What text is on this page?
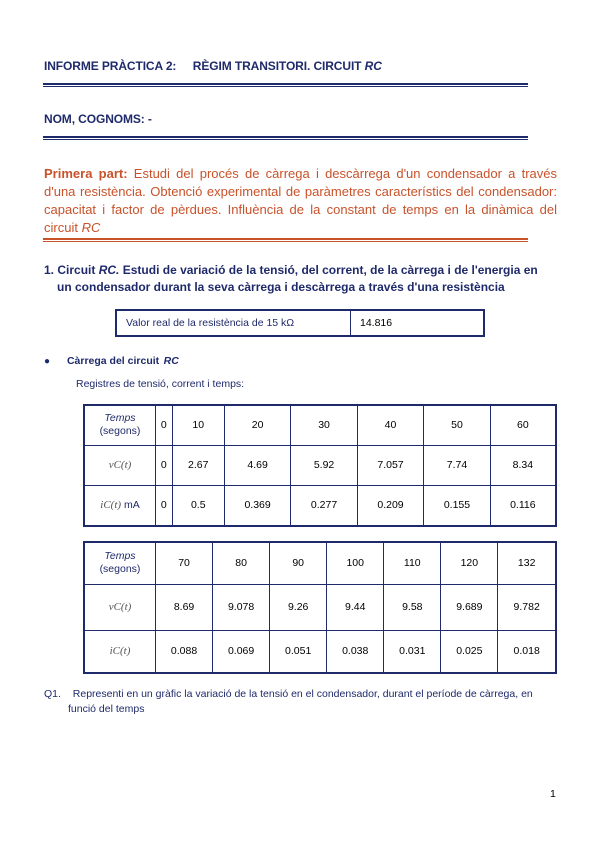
INFORME PRÀCTICA 2: RÈGIM TRANSITORI. CIRCUIT RC
NOM, COGNOMS: -
Primera part: Estudi del procés de càrrega i descàrrega d'un condensador a través d'una resistència. Obtenció experimental de paràmetres característics del condensador: capacitat i factor de pèrdues. Influència de la constant de temps en la dinàmica del circuit RC
1. Circuit RC. Estudi de variació de la tensió, del corrent, de la càrrega i de l'energia en
un condensador durant la seva càrrega i descàrrega a través d'una resistència
Valor real de la resistència de 15 kΩ	14.816
● Càrrega del circuit RC
Registres de tensió, corrent i temps:
Temps
(segons)	0	10	20	30	40	50	60
vC(t)	0	2.67	4.69	5.92	7.057	7.74	8.34
iC(t) mA	0	0.5	0.369	0.277	0.209	0.155	0.116
Temps
(segons)	70	80	90	100	110	120	132
vC(t)	8.69	9.078	9.26	9.44	9.58	9.689	9.782
iC(t)	0.088	0.069	0.051	0.038	0.031	0.025	0.018
Q1. Representi en un gràfic la variació de la tensió en el condensador, durant el període de càrrega, en
funció del temps
1
